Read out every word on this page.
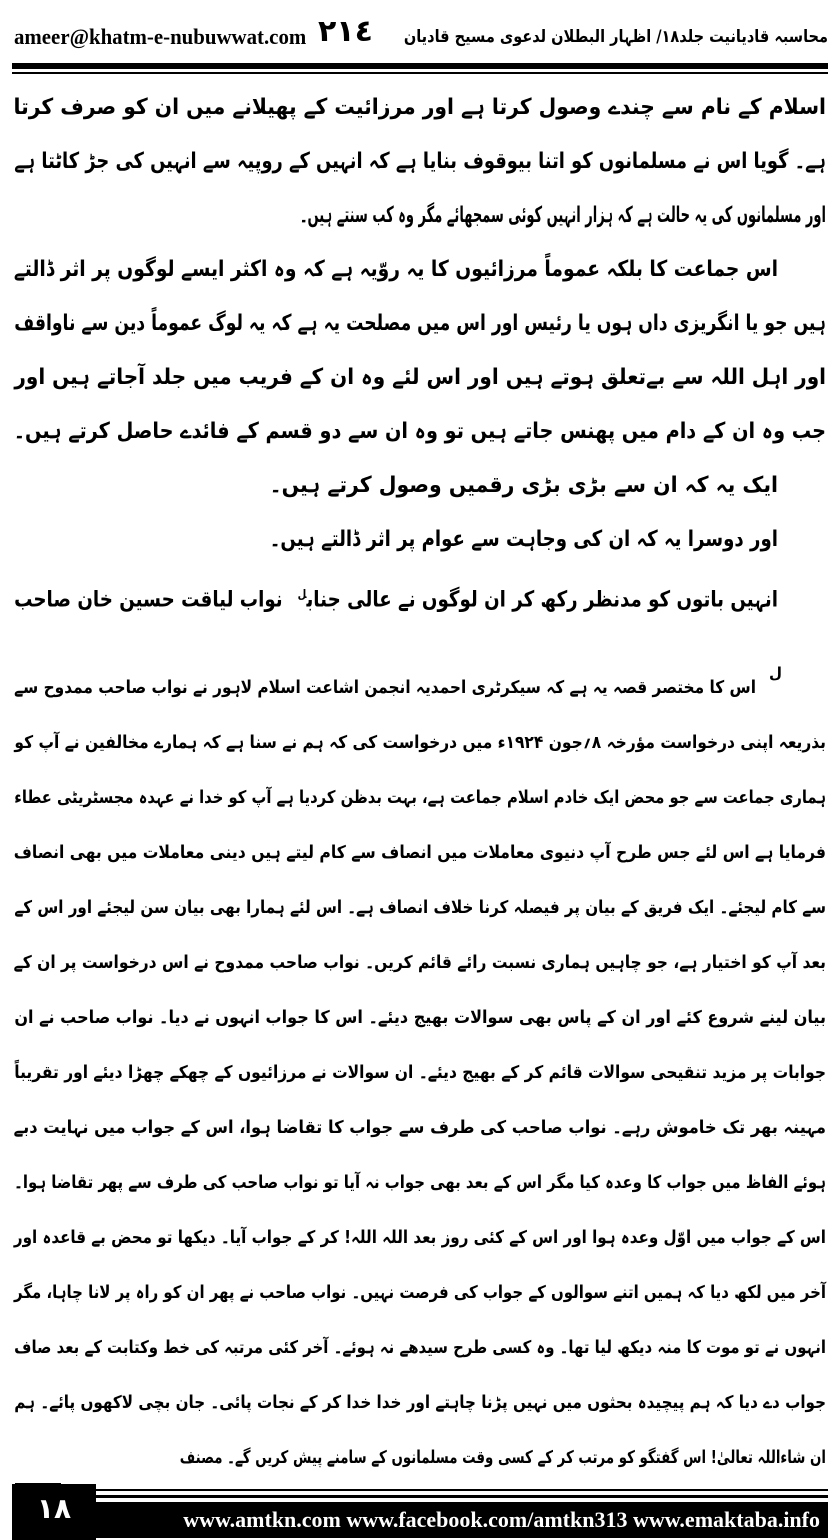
ameer@khatm-e-nubuwwat.com ٢١٤	محاسبہ قادیانیت جلد١٨/ اظہار البطلان لدعوی مسیح قادیان
اسلام کے نام سے چندے وصول کرتا ہے اور مرزائیت کے پھیلانے میں ان کو صرف کرتا
ہے۔ گویا اس نے مسلمانوں کو اتنا بیوقوف بنایا ہے کہ انہیں کے روپیہ سے انہیں کی جڑ کاٹتا ہے
اور مسلمانوں کی یہ حالت ہے کہ ہزار انہیں کوئی سمجھائے مگر وہ کب سنتے ہیں۔
اس جماعت کا بلکہ عموماً مرزائیوں کا یہ روّیہ ہے کہ وہ اکثر ایسے لوگوں پر اثر ڈالتے
ہیں جو یا انگریزی داں ہوں یا رئیس اور اس میں مصلحت یہ ہے کہ یہ لوگ عموماً دین سے ناواقف
اور اہل اللہ سے بےتعلق ہوتے ہیں اور اس لئے وہ ان کے فریب میں جلد آجاتے ہیں اور
جب وہ ان کے دام میں پھنس جاتے ہیں تو وہ ان سے دو قسم کے فائدے حاصل کرتے ہیں۔
ایک یہ کہ ان سے بڑی بڑی رقمیں وصول کرتے ہیں۔
اور دوسرا یہ کہ ان کی وجاہت سے عوام پر اثر ڈالتے ہیں۔
انہیں باتوں کو مدنظر رکھ کر ان لوگوں نے عالی جناب$^ل$نواب لیاقت حسین خان صاحب
ل
اس کا مختصر قصہ یہ ہے کہ سیکرٹری احمدیہ انجمن اشاعت اسلام لاہور نے نواب صاحب ممدوح سے
بذریعہ اپنی درخواست مؤرخہ ۸؍جون ۱۹۲۴ء میں درخواست کی کہ ہم نے سنا ہے کہ ہمارے مخالفین نے آپ کو
ہماری جماعت سے جو محض ایک خادم اسلام جماعت ہے، بہت بدظن کردیا ہے آپ کو خدا نے عہدہ مجسٹریٹی عطاء
فرمایا ہے اس لئے جس طرح آپ دنیوی معاملات میں انصاف سے کام لیتے ہیں دینی معاملات میں بھی انصاف
سے کام لیجئے۔ ایک فریق کے بیان پر فیصلہ کرنا خلاف انصاف ہے۔ اس لئے ہمارا بھی بیان سن لیجئے اور اس کے
بعد آپ کو اختیار ہے، جو چاہیں ہماری نسبت رائے قائم کریں۔ نواب صاحب ممدوح نے اس درخواست پر ان کے
بیان لینے شروع کئے اور ان کے پاس بھی سوالات بھیج دیئے۔ اس کا جواب انہوں نے دیا۔ نواب صاحب نے ان
جوابات پر مزید تنقیحی سوالات قائم کر کے بھیج دیئے۔ ان سوالات نے مرزائیوں کے چھکے چھڑا دیئے اور تقریباً
مہینہ بھر تک خاموش رہے۔ نواب صاحب کی طرف سے جواب کا تقاضا ہوا، اس کے جواب میں نہایت دبے
ہوئے الفاظ میں جواب کا وعدہ کیا مگر اس کے بعد بھی جواب نہ آیا تو نواب صاحب کی طرف سے پھر تقاضا ہوا۔
اس کے جواب میں اوّل وعدہ ہوا اور اس کے کئی روز بعد اللہ اللہ! کر کے جواب آیا۔ دیکھا تو محض بے قاعدہ اور
آخر میں لکھ دیا کہ ہمیں اتنے سوالوں کے جواب کی فرصت نہیں۔ نواب صاحب نے پھر ان کو راہ پر لانا چاہا، مگر
انہوں نے تو موت کا منہ دیکھ لیا تھا۔ وہ کسی طرح سیدھے نہ ہوئے۔ آخر کئی مرتبہ کی خط وکتابت کے بعد صاف
جواب دے دیا کہ ہم پیچیدہ بحثوں میں نہیں پڑنا چاہتے اور خدا خدا کر کے نجات پائی۔ جان بچی لاکھوں پائے۔ ہم
ان شاءاللہ تعالیٰ! اس گفتگو کو مرتب کر کے کسی وقت مسلمانوں کے سامنے پیش کریں گے۔ مصنف
١٨	www.amtkn.com www.facebook.com/amtkn313 www.emaktaba.info
